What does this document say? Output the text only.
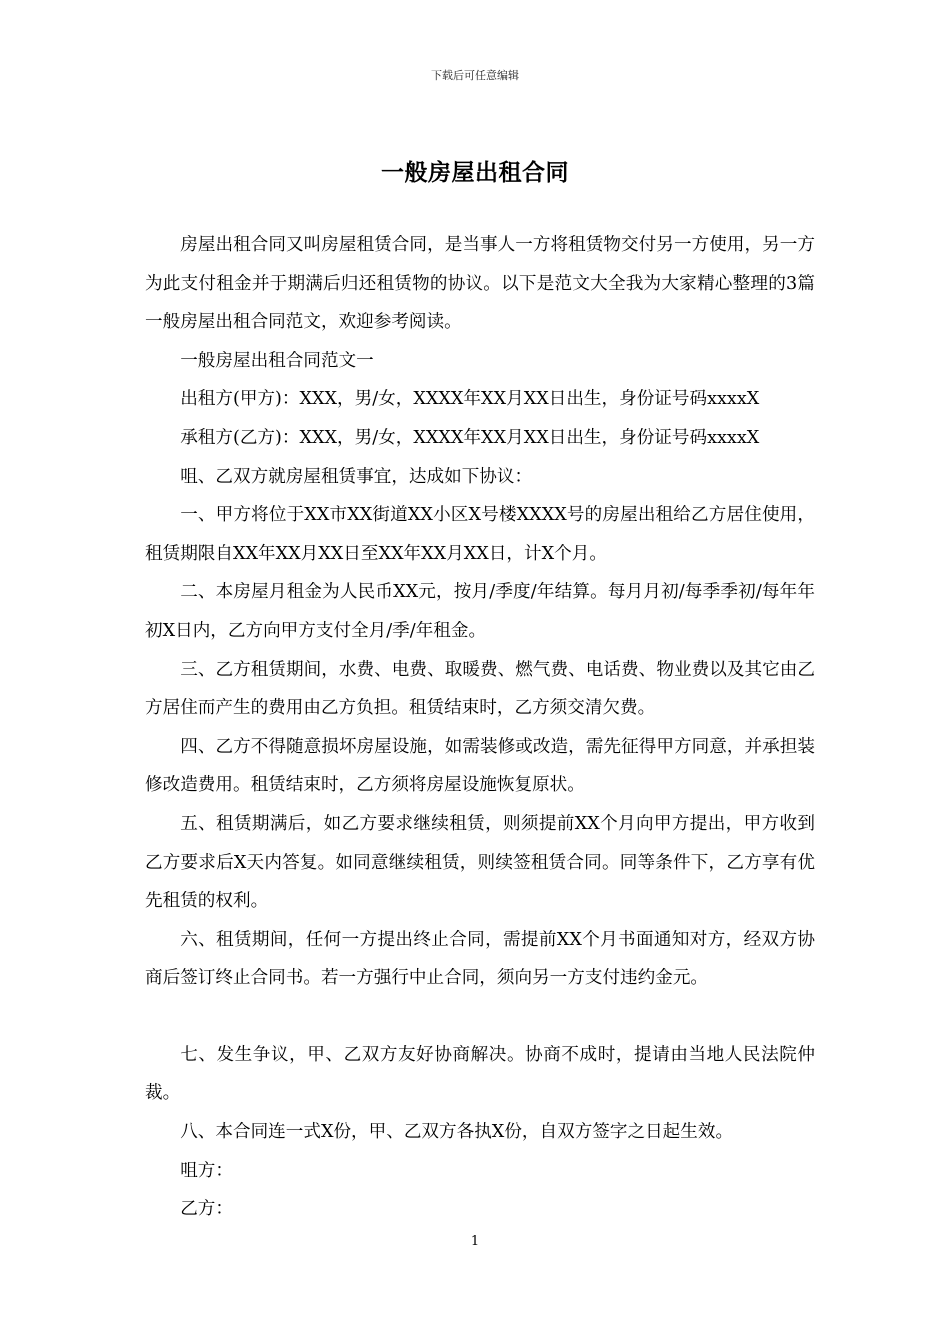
下载后可任意编辑
一般房屋出租合同

房屋出租合同又叫房屋租赁合同，是当事人一方将租赁物交付另一方使用，另一方为此支付租金并于期满后归还租赁物的协议。以下是范文大全我为大家精心整理的3篇一般房屋出租合同范文，欢迎参考阅读。

一般房屋出租合同范文一

出租方(甲方)：XXX，男/女，XXXX年XX月XX日出生，身份证号码xxxxX

承租方(乙方)：XXX，男/女，XXXX年XX月XX日出生，身份证号码xxxxX

咀、乙双方就房屋租赁事宜，达成如下协议：

一、甲方将位于XX市XX街道XX小区X号楼XXXX号的房屋出租给乙方居住使用，租赁期限自XX年XX月XX日至XX年XX月XX日，计X个月。

二、本房屋月租金为人民币XX元，按月/季度/年结算。每月月初/每季季初/每年年初X日内，乙方向甲方支付全月/季/年租金。

三、乙方租赁期间，水费、电费、取暖费、燃气费、电话费、物业费以及其它由乙方居住而产生的费用由乙方负担。租赁结束时，乙方须交清欠费。

四、乙方不得随意损坏房屋设施，如需装修或改造，需先征得甲方同意，并承担装修改造费用。租赁结束时，乙方须将房屋设施恢复原状。

五、租赁期满后，如乙方要求继续租赁，则须提前XX个月向甲方提出，甲方收到乙方要求后X天内答复。如同意继续租赁，则续签租赁合同。同等条件下，乙方享有优先租赁的权利。

六、租赁期间，任何一方提出终止合同，需提前XX个月书面通知对方，经双方协商后签订终止合同书。若一方强行中止合同，须向另一方支付违约金元。

七、发生争议，甲、乙双方友好协商解决。协商不成时，提请由当地人民法院仲裁。

八、本合同连一式X份，甲、乙双方各执X份，自双方签字之日起生效。

咀方：

乙方：

1
